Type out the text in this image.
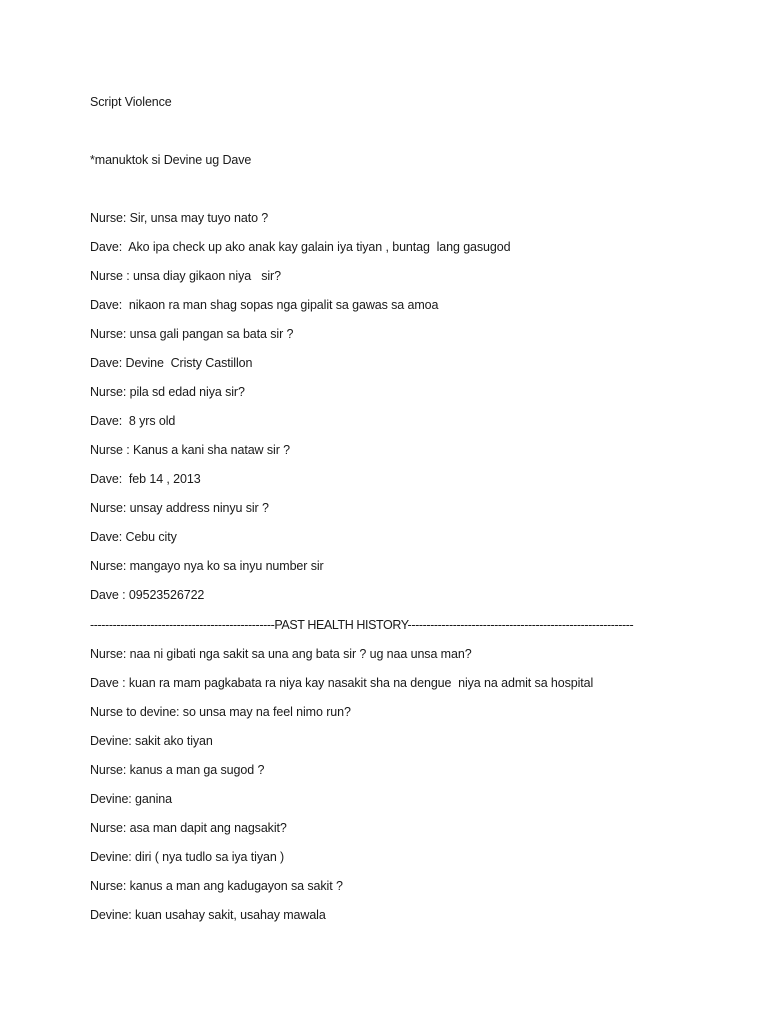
Script Violence
*manuktok si Devine ug Dave
Nurse: Sir, unsa may tuyo nato ?
Dave:  Ako ipa check up ako anak kay galain iya tiyan , buntag  lang gasugod
Nurse : unsa diay gikaon niya   sir?
Dave:  nikaon ra man shag sopas nga gipalit sa gawas sa amoa
Nurse: unsa gali pangan sa bata sir ?
Dave: Devine  Cristy Castillon
Nurse: pila sd edad niya sir?
Dave:  8 yrs old
Nurse : Kanus a kani sha nataw sir ?
Dave:  feb 14 , 2013
Nurse: unsay address ninyu sir ?
Dave: Cebu city
Nurse: mangayo nya ko sa inyu number sir
Dave : 09523526722
-------------------------------------------------PAST HEALTH HISTORY------------------------------------------------------------
Nurse: naa ni gibati nga sakit sa una ang bata sir ? ug naa unsa man?
Dave : kuan ra mam pagkabata ra niya kay nasakit sha na dengue  niya na admit sa hospital
Nurse to devine: so unsa may na feel nimo run?
Devine: sakit ako tiyan
Nurse: kanus a man ga sugod ?
Devine: ganina
Nurse: asa man dapit ang nagsakit?
Devine: diri ( nya tudlo sa iya tiyan )
Nurse: kanus a man ang kadugayon sa sakit ?
Devine: kuan usahay sakit, usahay mawala
